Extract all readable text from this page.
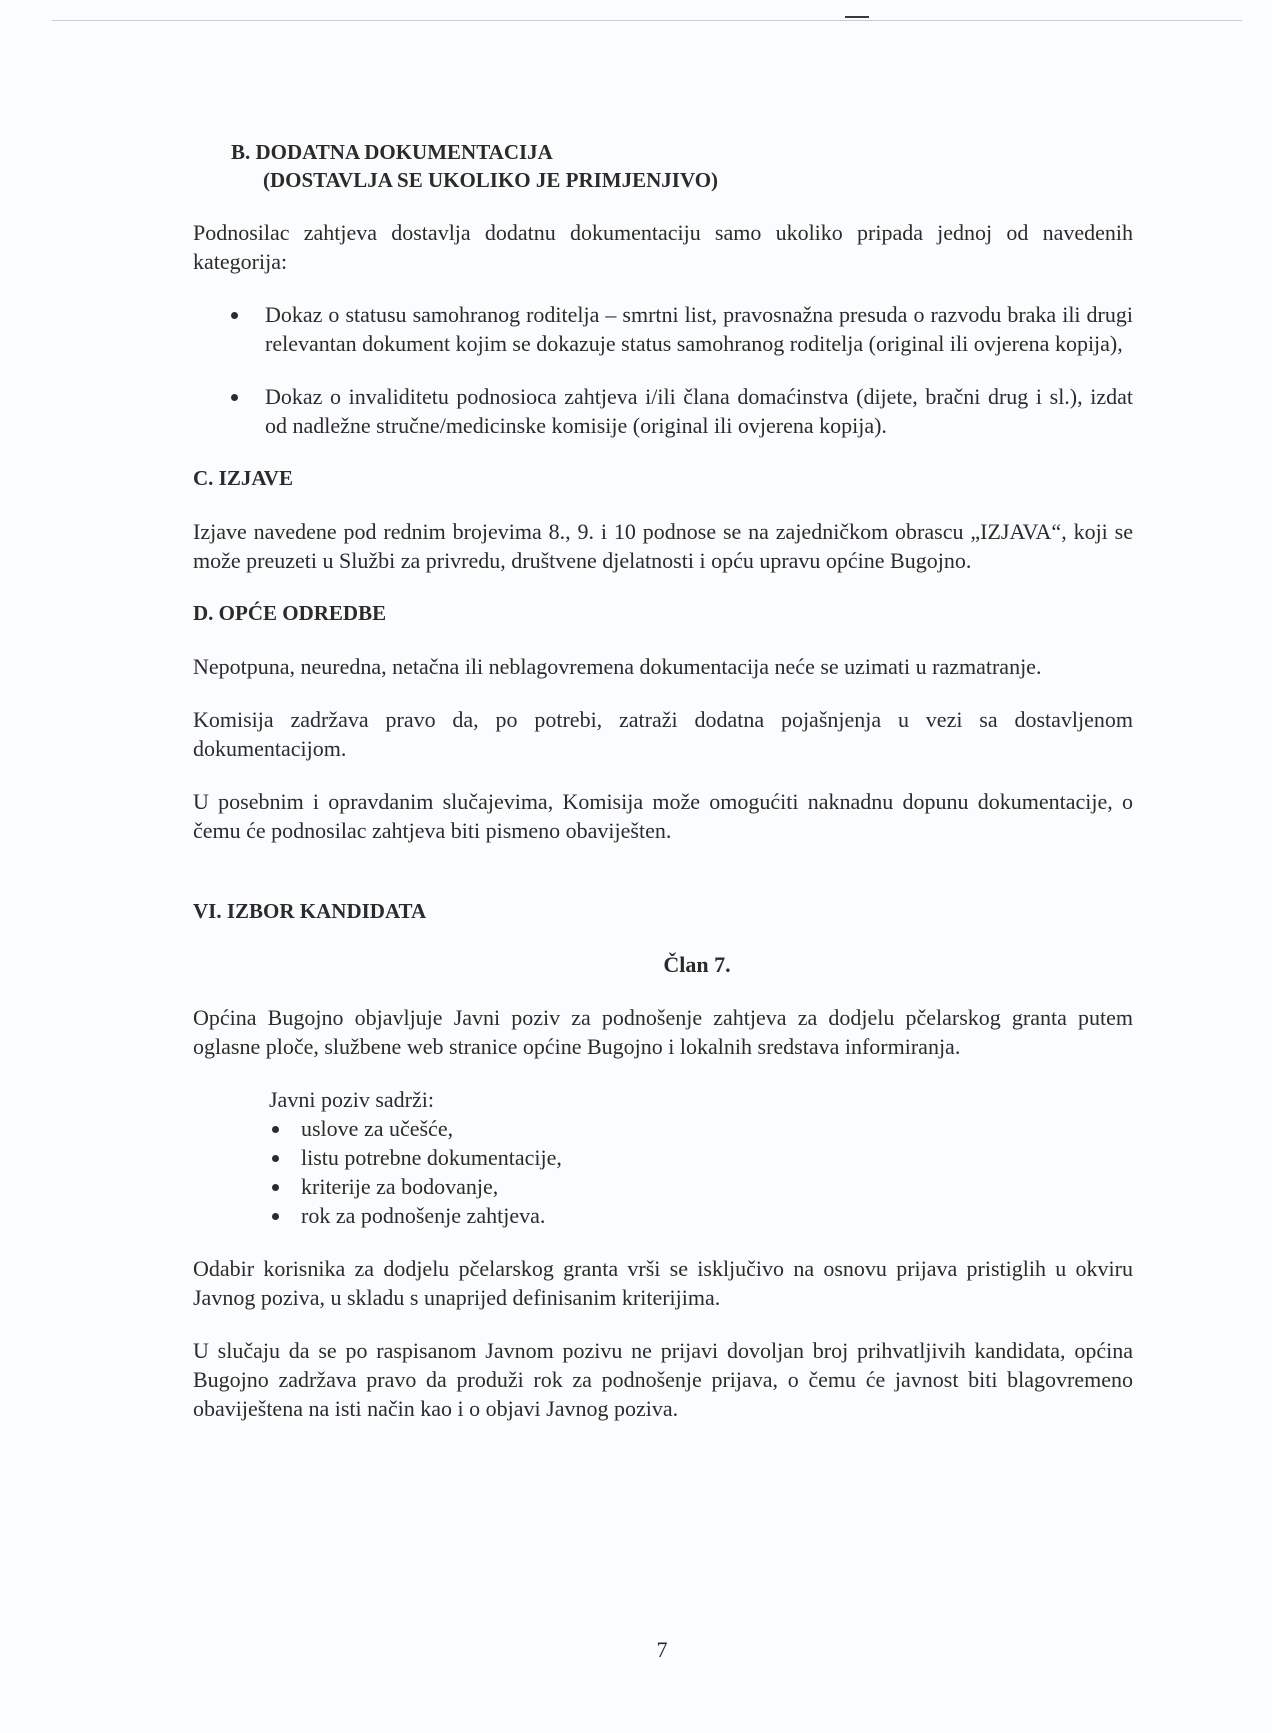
B. DODATNA DOKUMENTACIJA
(DOSTAVLJA SE UKOLIKO JE PRIMJENJIVO)

Podnosilac zahtjeva dostavlja dodatnu dokumentaciju samo ukoliko pripada jednoj od navedenih kategorija:

Dokaz o statusu samohranog roditelja – smrtni list, pravosnažna presuda o razvodu braka ili drugi relevantan dokument kojim se dokazuje status samohranog roditelja (original ili ovjerena kopija),
Dokaz o invaliditetu podnosioca zahtjeva i/ili člana domaćinstva (dijete, bračni drug i sl.), izdat od nadležne stručne/medicinske komisije (original ili ovjerena kopija).
C. IZJAVE

Izjave navedene pod rednim brojevima 8., 9. i 10 podnose se na zajedničkom obrascu „IZJAVA“, koji se može preuzeti u Službi za privredu, društvene djelatnosti i opću upravu općine Bugojno.

D. OPĆE ODREDBE

Nepotpuna, neuredna, netačna ili neblagovremena dokumentacija neće se uzimati u razmatranje.

Komisija zadržava pravo da, po potrebi, zatraži dodatna pojašnjenja u vezi sa dostavljenom dokumentacijom.

U posebnim i opravdanim slučajevima, Komisija može omogućiti naknadnu dopunu dokumentacije, o čemu će podnosilac zahtjeva biti pismeno obaviješten.

VI. IZBOR KANDIDATA
Član 7.

Općina Bugojno objavljuje Javni poziv za podnošenje zahtjeva za dodjelu pčelarskog granta putem oglasne ploče, službene web stranice općine Bugojno i lokalnih sredstava informiranja.

Javni poziv sadrži:
uslove za učešće,
listu potrebne dokumentacije,
kriterije za bodovanje,
rok za podnošenje zahtjeva.

Odabir korisnika za dodjelu pčelarskog granta vrši se isključivo na osnovu prijava pristiglih u okviru Javnog poziva, u skladu s unaprijed definisanim kriterijima.

U slučaju da se po raspisanom Javnom pozivu ne prijavi dovoljan broj prihvatljivih kandidata, općina Bugojno zadržava pravo da produži rok za podnošenje prijava, o čemu će javnost biti blagovremeno obaviještena na isti način kao i o objavi Javnog poziva.

7
